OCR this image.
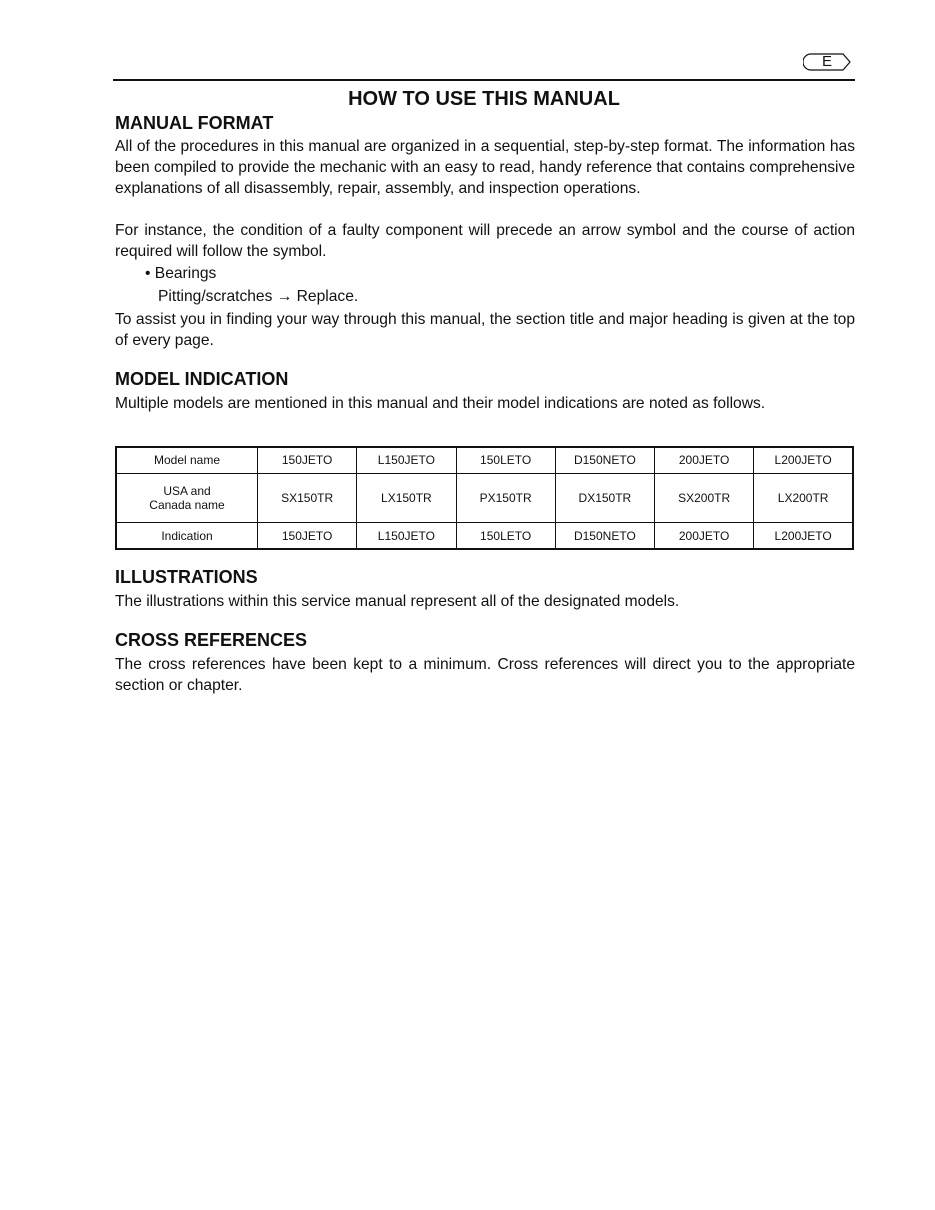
E
HOW TO USE THIS MANUAL
MANUAL FORMAT

All of the procedures in this manual are organized in a sequential, step-by-step format. The information has been compiled to provide the mechanic with an easy to read, handy reference that contains comprehensive explanations of all disassembly, repair, assembly, and inspection operations.

For instance, the condition of a faulty component will precede an arrow symbol and the course of action required will follow the symbol.

• Bearings

Pitting/scratches → Replace.

To assist you in finding your way through this manual, the section title and major heading is given at the top of every page.

MODEL INDICATION

Multiple models are mentioned in this manual and their model indications are noted as follows.

Model name	150JETO	L150JETO	150LETO	D150NETO	200JETO	L200JETO

USA and
Canada name	SX150TR	LX150TR	PX150TR	DX150TR	SX200TR	LX200TR
Indication	150JETO	L150JETO	150LETO	D150NETO	200JETO	L200JETO
ILLUSTRATIONS

The illustrations within this service manual represent all of the designated models.

CROSS REFERENCES

The cross references have been kept to a minimum. Cross references will direct you to the appropriate section or chapter.
